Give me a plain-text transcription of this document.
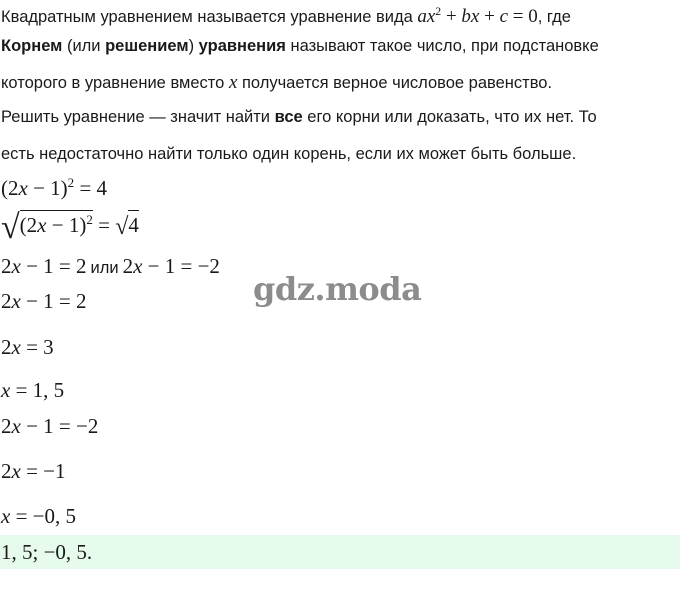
Квадратным уравнением называется уравнение вида $ax^2$ + bx + c = 0, где
Корнем (или решением) уравнения называют такое число, при подстановке
которого в уравнение вместо x получается верное числовое равенство.
Решить уравнение — значит найти все его корни или доказать, что их нет. То
есть недостаточно найти только один корень, если их может быть больше.
$(2x - 1)^2 = 4$
$√(2x - 1)^2 = √4$
2x − 1 = 2 или 2x − 1 = −2
2x − 1 = 2
2x = 3
x = 1, 5
2x − 1 = −2
2x = −1
x = −0, 5
1, 5; −0, 5.
gdz.moda
